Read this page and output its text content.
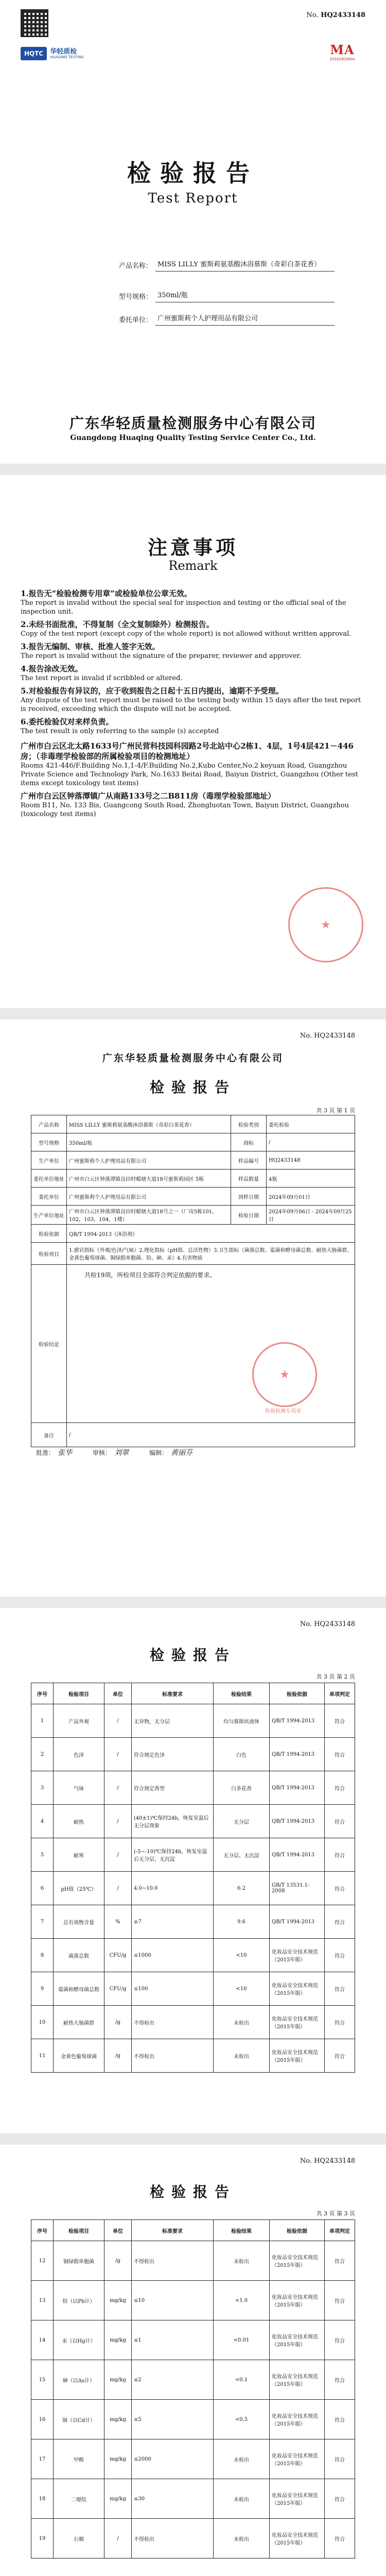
No. HQ2433148
HQTC	华轻质检
HUAQING TESTING	MA
2016190360A
检验报告
Test Report
产品名称： MISS LILLY 蜜斯莉氨基酸沐浴慕斯（奇彩白茶花香）
型号规格： 350ml/瓶
委托单位： 广州蜜斯莉个人护理用品有限公司
广东华轻质量检测服务中心有限公司
Guangdong Huaqing Quality Testing Service Center Co., Ltd.
注意事项
Remark
1.报告无“检验检测专用章”或检验单位公章无效。
The report is invalid without the special seal for inspection and testing or the official seal of the inspection unit.
2.未经书面批准，不得复制（全文复制除外）检测报告。
Copy of the test report (except copy of the whole report) is not allowed without written approval.
3.报告无编制、审核、批准人签字无效。
The report is invalid without the signature of the preparer, reviewer and approver.
4.报告涂改无效。
The test report is invalid if scribbled or altered.
5.对检验报告有异议的，应于收到报告之日起十五日内提出，逾期不予受理。
Any dispute of the test report must be raised to the testing body within 15 days after the test report is received, exceeding which the dispute will not be accepted.
6.委托检验仅对来样负责。
The test result is only referring to the sample (s) accepted
广州市白云区北太路1633号广州民营科技园科园路2号北站中心2栋1、4层，1号4层421－446房；（非毒理学检验部的所属检验项目的检测地址）
Rooms 421-446/F.Building No.1,1-4/F.Building No.2,Kubo Center,No.2 keyuan Road, Guangzhou Private Science and Technology Park, No.1633 Beitai Road, Baiyun District, Guangzhou (Other test items except toxicology test items)
广州市白云区钟落潭镇广从南路133号之二B811房（毒理学检验部地址）
Room B11, No. 133 Bis, Guangcong South Road, Zhongluotan Town, Baiyun District, Guangzhou (toxicology test items)
★
No. HQ2433148
广东华轻质量检测服务中心有限公司
检验报告
共 3 页 第 1 页
产品名称	MISS LILLY 蜜斯莉氨基酸沐浴慕斯（奇彩白茶花香）	检验类别	委托检验
型号规格	350ml/瓶	商标	/
生产单位	广州蜜斯莉个人护理用品有限公司	样品编号	HQ2433148
委托单位地址	广州市白云区钟落潭镇良田村蜡塘大道18号蜜斯莉园区 5栋	样品数量	4瓶
委托单位	广州蜜斯莉个人护理用品有限公司	到样日期	2024年09月01日
生产单位地址	广州市白云区钟落潭镇良田村蜡塘大道18号之一（厂房5栋101，102，103，104，1楼）	检验日期	2024年09月06日 - 2024年09月25日
检验依据	QB/T 1994-2013《沐浴剂》		
检验项目	1.感官指标（外观/色泽/气味）2.理化指标（pH值、总活性物）3.卫生指标（菌落总数、霉菌和酵母菌总数、耐热大肠菌群、金黄色葡萄球菌、铜绿假单胞菌、铅、砷、汞）4.有害物质		
检验结论	共检19项，所检项目全部符合判定依据的要求。
★
检验检测专用章

备注	/		
批准： 张华	审核： 刘翠	编制： 黄丽芬
No. HQ2433148
检验报告
共 3 页 第 2 页
序号	检验项目	单位	标准要求	检验结果	检验依据	单项判定
1	产品外观	/	无异物，无分层	均匀慕斯状液体	QB/T 1994-2013	符合
2	色泽	/	符合规定色泽	白色	QB/T 1994-2013	符合
3	气味	/	符合规定香型	白茶花香	QB/T 1994-2013	符合
4	耐热	/	(40±1)℃保持24h，恢复室温后无分层现象	无分层	QB/T 1994-2013	符合
5	耐寒	/	(-5~-10)℃保持24h，恢复室温后无分层、无沉淀	无分层、无沉淀	QB/T 1994-2013	符合
6	pH值（25℃）	/	4.0~10.0	6.2	GB/T 13531.1-2008	符合
7	总有效物含量	%	≥7	9.6	QB/T 1994-2013	符合
8	菌落总数	CFU/g	≤1000	<10	化妆品安全技术规范（2015年版）	符合
9	霉菌和酵母菌总数	CFU/g	≤100	<10	化妆品安全技术规范（2015年版）	符合
10	耐热大肠菌群	/g	不得检出	未检出	化妆品安全技术规范（2015年版）	符合
11	金黄色葡萄球菌	/g	不得检出	未检出	化妆品安全技术规范（2015年版）	符合
No. HQ2433148
检验报告
共 3 页 第 3 页
序号	检验项目	单位	标准要求	检验结果	检验依据	单项判定
12	铜绿假单胞菌	/g	不得检出	未检出	化妆品安全技术规范（2015年版）	符合
13	铅（以Pb计）	mg/kg	≤10	<1.0	化妆品安全技术规范（2015年版）	符合
14	汞（以Hg计）	mg/kg	≤1	<0.01	化妆品安全技术规范（2015年版）	符合
15	砷（以As计）	mg/kg	≤2	<0.1	化妆品安全技术规范（2015年版）	符合
16	镉（以Cd计）	mg/kg	≤5	<0.5	化妆品安全技术规范（2015年版）	符合
17	甲醇	mg/kg	≤2000	未检出	化妆品安全技术规范（2015年版）	符合
18	二噁烷	mg/kg	≤30	未检出	化妆品安全技术规范（2015年版）	符合
19	石棉	/	不得检出	未检出	化妆品安全技术规范（2015年版）	符合
